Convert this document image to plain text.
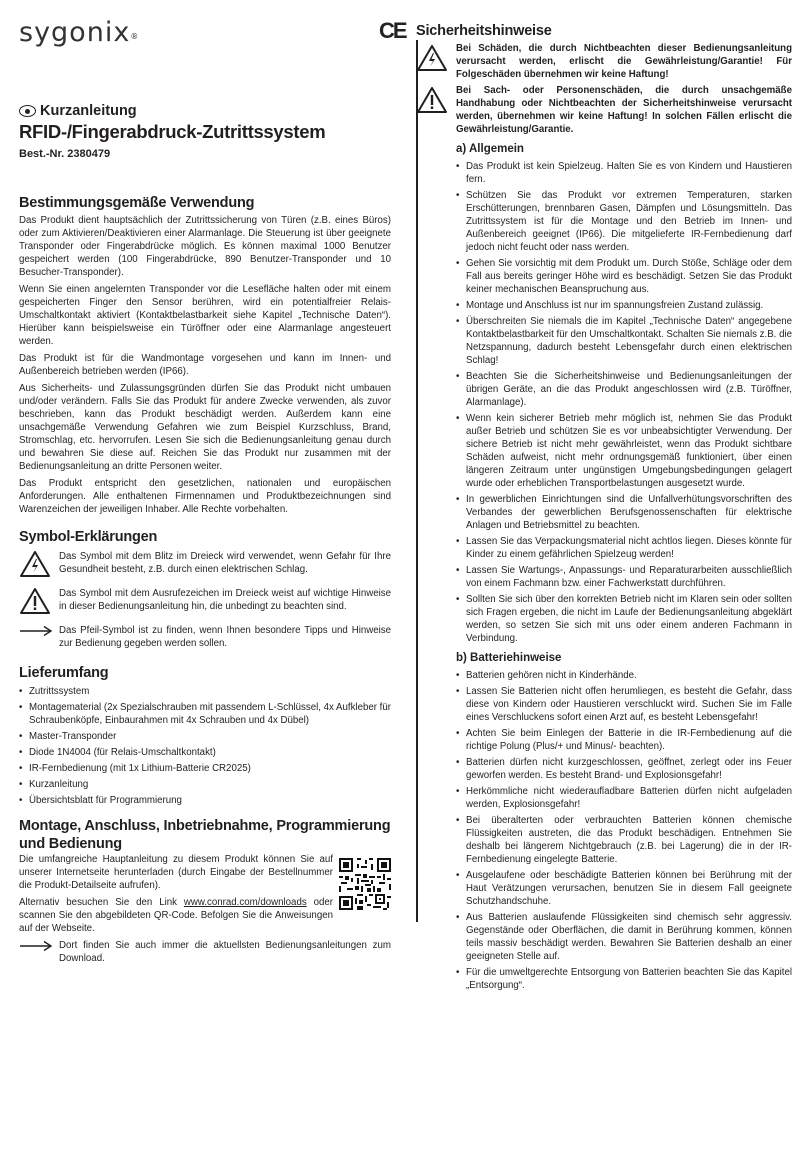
sygonix®	CE
Kurzanleitung
RFID-/Fingerabdruck-Zutrittssystem
Best.-Nr. 2380479
Bestimmungsgemäße Verwendung

Das Produkt dient hauptsächlich der Zutrittssicherung von Türen (z.B. eines Büros) oder zum Aktivieren/Deaktivieren einer Alarmanlage. Die Steuerung ist über geeignete Transponder oder Fingerabdrücke möglich. Es können maximal 1000 Benutzer gespeichert werden (100 Fingerabdrücke, 890 Benutzer-Transponder und 10 Besucher-Transponder).

Wenn Sie einen angelernten Transponder vor die Lesefläche halten oder mit einem gespeicherten Finger den Sensor berühren, wird ein potentialfreier Relais-Umschaltkontakt aktiviert (Kontaktbelastbarkeit siehe Kapitel „Technische Daten“). Hierüber kann beispielsweise ein Türöffner oder eine Alarmanlage angesteuert werden.

Das Produkt ist für die Wandmontage vorgesehen und kann im Innen- und Außenbereich betrieben werden (IP66).

Aus Sicherheits- und Zulassungsgründen dürfen Sie das Produkt nicht umbauen und/oder verändern. Falls Sie das Produkt für andere Zwecke verwenden, als zuvor beschrieben, kann das Produkt beschädigt werden. Außerdem kann eine unsachgemäße Verwendung Gefahren wie zum Beispiel Kurzschluss, Brand, Stromschlag, etc. hervorrufen. Lesen Sie sich die Bedienungsanleitung genau durch und bewahren Sie diese auf. Reichen Sie das Produkt nur zusammen mit der Bedienungsanleitung an dritte Personen weiter.

Das Produkt entspricht den gesetzlichen, nationalen und europäischen Anforderungen. Alle enthaltenen Firmennamen und Produktbezeichnungen sind Warenzeichen der jeweiligen Inhaber. Alle Rechte vorbehalten.

Symbol-Erklärungen

Das Symbol mit dem Blitz im Dreieck wird verwendet, wenn Gefahr für Ihre Gesundheit besteht, z.B. durch einen elektrischen Schlag.

Das Symbol mit dem Ausrufezeichen im Dreieck weist auf wichtige Hinweise in dieser Bedienungsanleitung hin, die unbedingt zu beachten sind.

Das Pfeil-Symbol ist zu finden, wenn Ihnen besondere Tipps und Hinweise zur Bedienung gegeben werden sollen.

Lieferumfang
• Zutrittssystem
• Montagematerial (2x Spezialschrauben mit passendem L-Schlüssel, 4x Aufkleber für Schraubenköpfe, Einbaurahmen mit 4x Schrauben und 4x Dübel)
• Master-Transponder
• Diode 1N4004 (für Relais-Umschaltkontakt)
• IR-Fernbedienung (mit 1x Lithium-Batterie CR2025)
• Kurzanleitung
• Übersichtsblatt für Programmierung
Montage, Anschluss, Inbetriebnahme, Programmierung und Bedienung

Die umfangreiche Hauptanleitung zu diesem Produkt können Sie auf unserer Internetseite herunterladen (durch Eingabe der Bestellnummer die Produkt-Detailseite aufrufen).

Alternativ besuchen Sie den Link www.conrad.com/downloads oder scannen Sie den abgebildeten QR-Code. Befolgen Sie die Anweisungen auf der Webseite.

Dort finden Sie auch immer die aktuellsten Bedienungsanleitungen zum Download.

Sicherheitshinweise

Bei Schäden, die durch Nichtbeachten dieser Bedienungsanleitung verursacht werden, erlischt die Gewährleistung/Garantie! Für Folgeschäden übernehmen wir keine Haftung!

Bei Sach- oder Personenschäden, die durch unsachgemäße Handhabung oder Nichtbeachten der Sicherheitshinweise verursacht werden, übernehmen wir keine Haftung! In solchen Fällen erlischt die Gewährleistung/Garantie.

a) Allgemein
• Das Produkt ist kein Spielzeug. Halten Sie es von Kindern und Haustieren fern.
• Schützen Sie das Produkt vor extremen Temperaturen, starken Erschütterungen, brennbaren Gasen, Dämpfen und Lösungsmitteln. Das Zutrittssystem ist für die Montage und den Betrieb im Innen- und Außenbereich geeignet (IP66). Die mitgelieferte IR-Fernbedienung darf jedoch nicht feucht oder nass werden.
• Gehen Sie vorsichtig mit dem Produkt um. Durch Stöße, Schläge oder dem Fall aus bereits geringer Höhe wird es beschädigt. Setzen Sie das Produkt keiner mechanischen Beanspruchung aus.
• Montage und Anschluss ist nur im spannungsfreien Zustand zulässig.
• Überschreiten Sie niemals die im Kapitel „Technische Daten“ angegebene Kontaktbelastbarkeit für den Umschaltkontakt. Schalten Sie niemals z.B. die Netzspannung, dadurch besteht Lebensgefahr durch einen elektrischen Schlag!
• Beachten Sie die Sicherheitshinweise und Bedienungsanleitungen der übrigen Geräte, an die das Produkt angeschlossen wird (z.B. Türöffner, Alarmanlage).
• Wenn kein sicherer Betrieb mehr möglich ist, nehmen Sie das Produkt außer Betrieb und schützen Sie es vor unbeabsichtigter Verwendung. Der sichere Betrieb ist nicht mehr gewährleistet, wenn das Produkt sichtbare Schäden aufweist, nicht mehr ordnungsgemäß funktioniert, über einen längeren Zeitraum unter ungünstigen Umgebungsbedingungen gelagert wurde oder erheblichen Transportbelastungen ausgesetzt wurde.
• In gewerblichen Einrichtungen sind die Unfallverhütungsvorschriften des Verbandes der gewerblichen Berufsgenossenschaften für elektrische Anlagen und Betriebsmittel zu beachten.
• Lassen Sie das Verpackungsmaterial nicht achtlos liegen. Dieses könnte für Kinder zu einem gefährlichen Spielzeug werden!
• Lassen Sie Wartungs-, Anpassungs- und Reparaturarbeiten ausschließlich von einem Fachmann bzw. einer Fachwerkstatt durchführen.
• Sollten Sie sich über den korrekten Betrieb nicht im Klaren sein oder sollten sich Fragen ergeben, die nicht im Laufe der Bedienungsanleitung abgeklärt werden, so setzen Sie sich mit uns oder einem anderen Fachmann in Verbindung.
b) Batteriehinweise
• Batterien gehören nicht in Kinderhände.
• Lassen Sie Batterien nicht offen herumliegen, es besteht die Gefahr, dass diese von Kindern oder Haustieren verschluckt wird. Suchen Sie im Falle eines Verschluckens sofort einen Arzt auf, es besteht Lebensgefahr!
• Achten Sie beim Einlegen der Batterie in die IR-Fernbedienung auf die richtige Polung (Plus/+ und Minus/- beachten).
• Batterien dürfen nicht kurzgeschlossen, geöffnet, zerlegt oder ins Feuer geworfen werden. Es besteht Brand- und Explosionsgefahr!
• Herkömmliche nicht wiederaufladbare Batterien dürfen nicht aufgeladen werden, Explosionsgefahr!
• Bei überalterten oder verbrauchten Batterien können chemische Flüssigkeiten austreten, die das Produkt beschädigen. Entnehmen Sie deshalb bei längerem Nichtgebrauch (z.B. bei Lagerung) die in der IR-Fernbedienung eingelegte Batterie.
• Ausgelaufene oder beschädigte Batterien können bei Berührung mit der Haut Verätzungen verursachen, benutzen Sie in diesem Fall geeignete Schutzhandschuhe.
• Aus Batterien auslaufende Flüssigkeiten sind chemisch sehr aggressiv. Gegenstände oder Oberflächen, die damit in Berührung kommen, können teils massiv beschädigt werden. Bewahren Sie Batterien deshalb an einer geeigneten Stelle auf.
• Für die umweltgerechte Entsorgung von Batterien beachten Sie das Kapitel „Entsorgung“.
